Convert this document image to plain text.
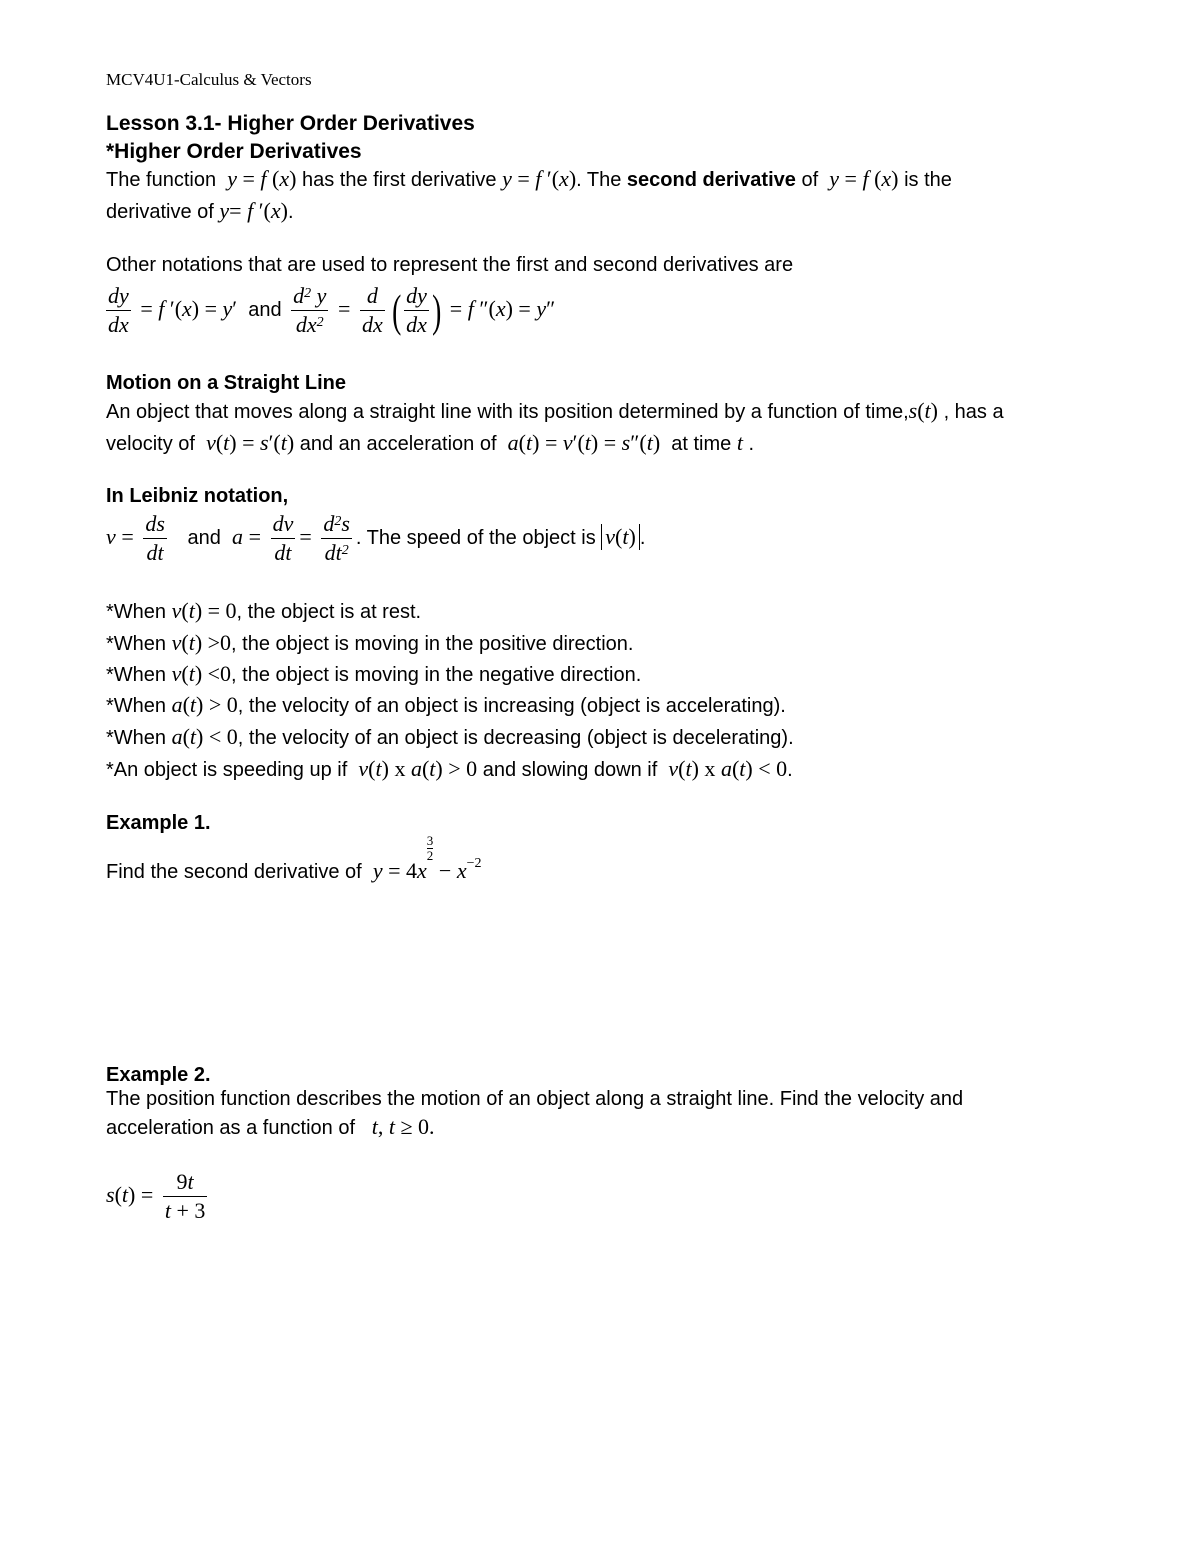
MCV4U1-Calculus & Vectors
Lesson 3.1- Higher Order Derivatives
*Higher Order Derivatives
The function y = f (x) has the first derivative y = f ′(x). The second derivative of y = f (x) is the
derivative of y= f ′(x).
Other notations that are used to represent the first and second derivatives are
$\frac{dy}{dx} = f$ ′(x) = y′ and $\frac{d^2 y}{dx^2} = \frac{d}{dx}$ ( $\frac{dy}{dx}$ ) = f ″(x) = y″
Motion on a Straight Line
An object that moves along a straight line with its position determined by a function of time,s(t) , has a
velocity of v(t) = s′(t) and an acceleration of a(t) = v′(t) = s″(t) at time t .
In Leibniz notation,
$v = \frac{ds}{dt}$ and $a = \frac{dv}{dt} = \frac{d^2s}{dt^2}$ . The speed of the object is v(t) .
*When v(t) = 0, the object is at rest.
*When v(t) >0, the object is moving in the positive direction.
*When v(t) <0, the object is moving in the negative direction.
*When a(t) > 0, the velocity of an object is increasing (object is accelerating).
*When a(t) < 0, the velocity of an object is decreasing (object is decelerating).
*An object is speeding up if v(t) x a(t) > 0 and slowing down if v(t) x a(t) < 0.
Example 1.
Find the second derivative of y = 4x
$\frac{3}{2}$
− $x^{-2}$
Example 2.
The position function describes the motion of an object along a straight line. Find the velocity and
acceleration as a function of t, t ≥ 0.
$s(t) = \frac{9t}{t + 3}$
